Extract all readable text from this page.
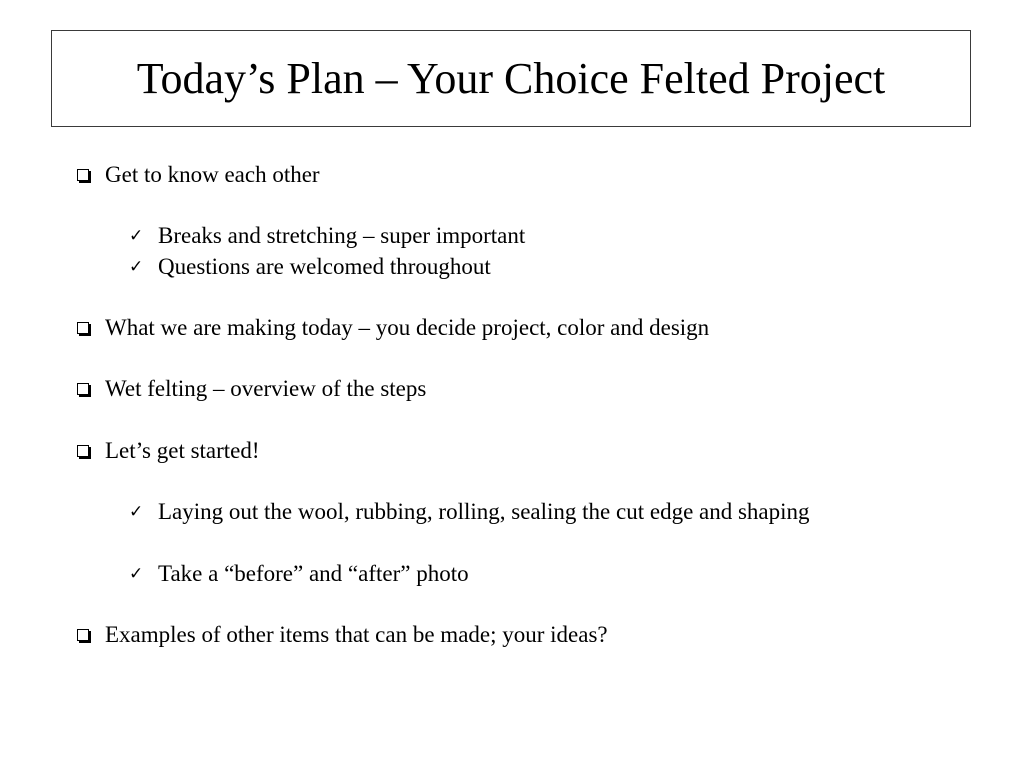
Today’s Plan – Your Choice Felted Project
Get to know each other
✓ Breaks and stretching – super important
✓ Questions are welcomed throughout
What we are making today – you decide project, color and design
Wet felting – overview of the steps
Let’s get started!
✓ Laying out the wool, rubbing, rolling, sealing the cut edge and shaping
✓ Take a “before” and “after” photo
Examples of other items that can be made; your ideas?
